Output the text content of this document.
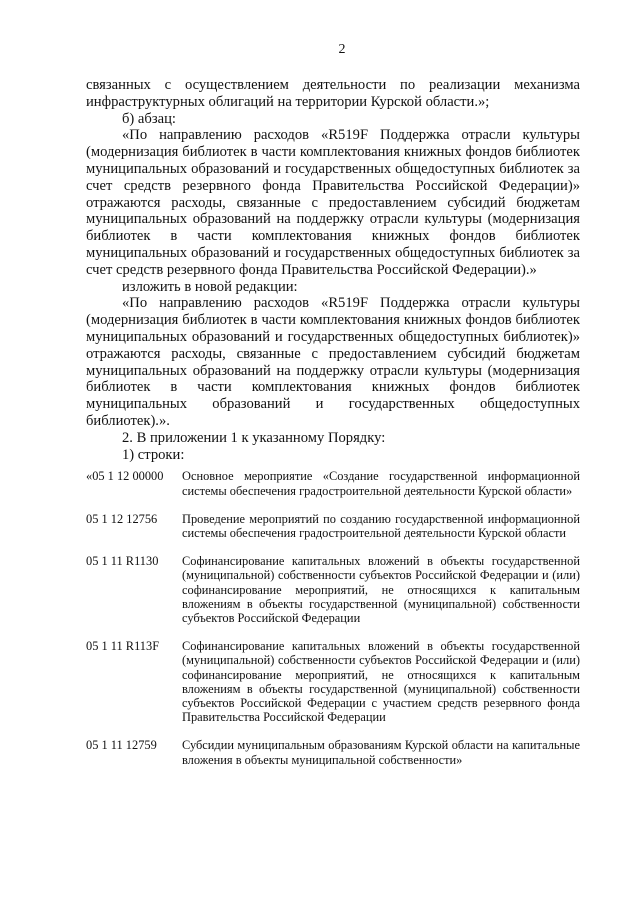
2

связанных с осуществлением деятельности по реализации механизма инфраструктурных облигаций на территории Курской области.»;

б) абзац:

«По направлению расходов «R519F Поддержка отрасли культуры (модернизация библиотек в части комплектования книжных фондов библиотек муниципальных образований и государственных общедоступных библиотек за счет средств резервного фонда Правительства Российской Федерации)» отражаются расходы, связанные с предоставлением субсидий бюджетам муниципальных образований на поддержку отрасли культуры (модернизация библиотек в части комплектования книжных фондов библиотек муниципальных образований и государственных общедоступных библиотек за счет средств резервного фонда Правительства Российской Федерации).»

изложить в новой редакции:

«По направлению расходов «R519F Поддержка отрасли культуры (модернизация библиотек в части комплектования книжных фондов библиотек муниципальных образований и государственных общедоступных библиотек)» отражаются расходы, связанные с предоставлением субсидий бюджетам муниципальных образований на поддержку отрасли культуры (модернизация библиотек в части комплектования книжных фондов библиотек муниципальных образований и государственных общедоступных библиотек).».

2. В приложении 1 к указанному Порядку:

1) строки:

«05 1 12 00000	Основное мероприятие «Создание государственной информационной системы обеспечения градостроительной деятельности Курской области»
05 1 12 12756	Проведение мероприятий по созданию государственной информационной системы обеспечения градостроительной деятельности Курской области
05 1 11 R1130	Софинансирование капитальных вложений в объекты государственной (муниципальной) собственности субъектов Российской Федерации и (или) софинансирование мероприятий, не относящихся к капитальным вложениям в объекты государственной (муниципальной) собственности субъектов Российской Федерации
05 1 11 R113F	Софинансирование капитальных вложений в объекты государственной (муниципальной) собственности субъектов Российской Федерации и (или) софинансирование мероприятий, не относящихся к капитальным вложениям в объекты государственной (муниципальной) собственности субъектов Российской Федерации с участием средств резервного фонда Правительства Российской Федерации
05 1 11 12759	Субсидии муниципальным образованиям Курской области на капитальные вложения в объекты муниципальной собственности»
